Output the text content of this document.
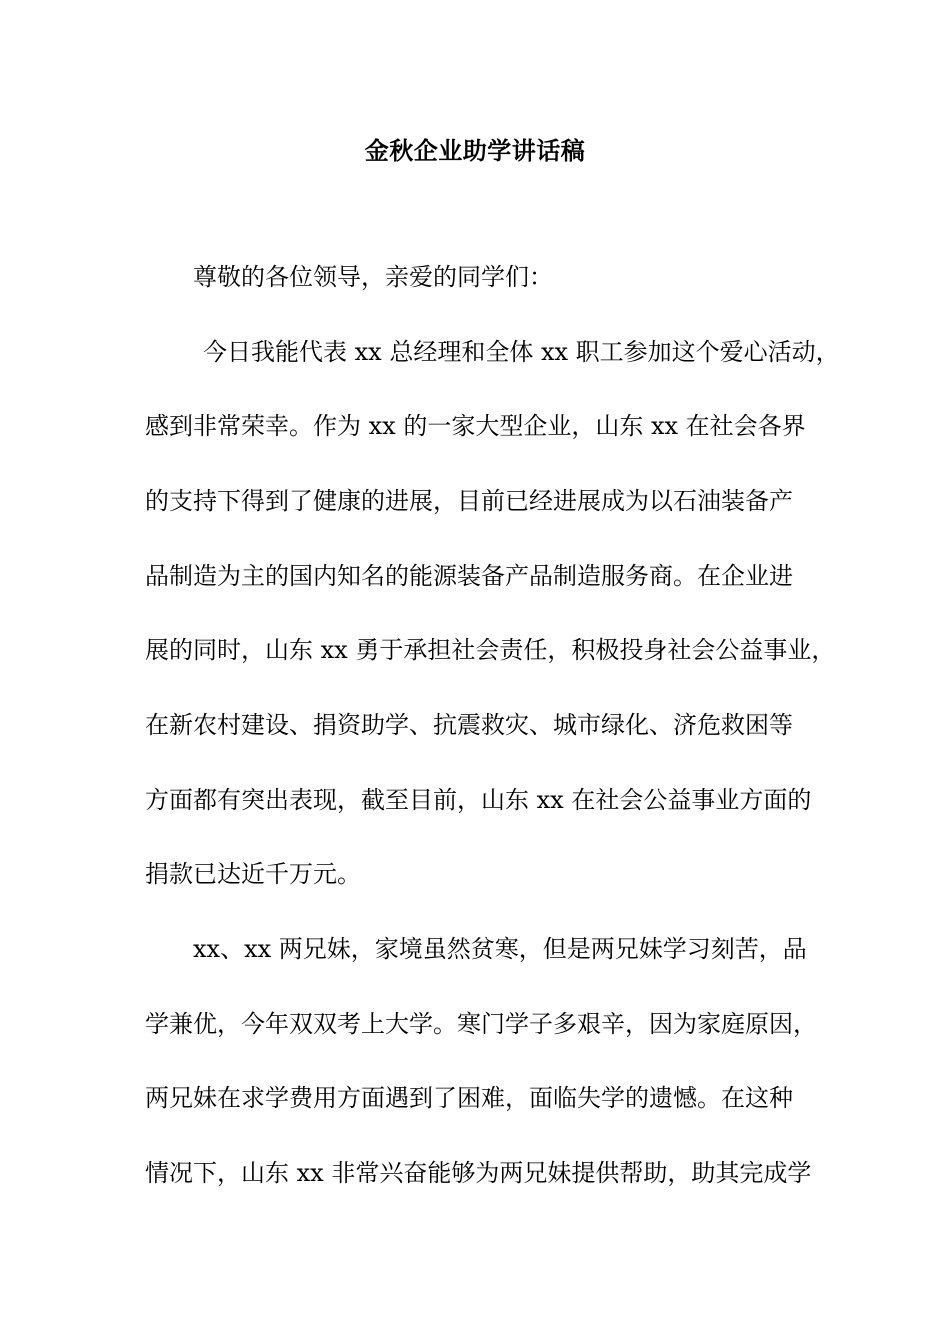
金秋企业助学讲话稿
尊敬的各位领导，亲爱的同学们：
今日我能代表 xx 总经理和全体 xx 职工参加这个爱心活动，
感到非常荣幸。作为 xx 的一家大型企业，山东 xx 在社会各界
的支持下得到了健康的进展，目前已经进展成为以石油装备产
品制造为主的国内知名的能源装备产品制造服务商。在企业进
展的同时，山东 xx 勇于承担社会责任，积极投身社会公益事业，
在新农村建设、捐资助学、抗震救灾、城市绿化、济危救困等
方面都有突出表现，截至目前，山东 xx 在社会公益事业方面的
捐款已达近千万元。
xx、xx 两兄妹，家境虽然贫寒，但是两兄妹学习刻苦，品
学兼优，今年双双考上大学。寒门学子多艰辛，因为家庭原因，
两兄妹在求学费用方面遇到了困难，面临失学的遗憾。在这种
情况下，山东 xx 非常兴奋能够为两兄妹提供帮助，助其完成学
